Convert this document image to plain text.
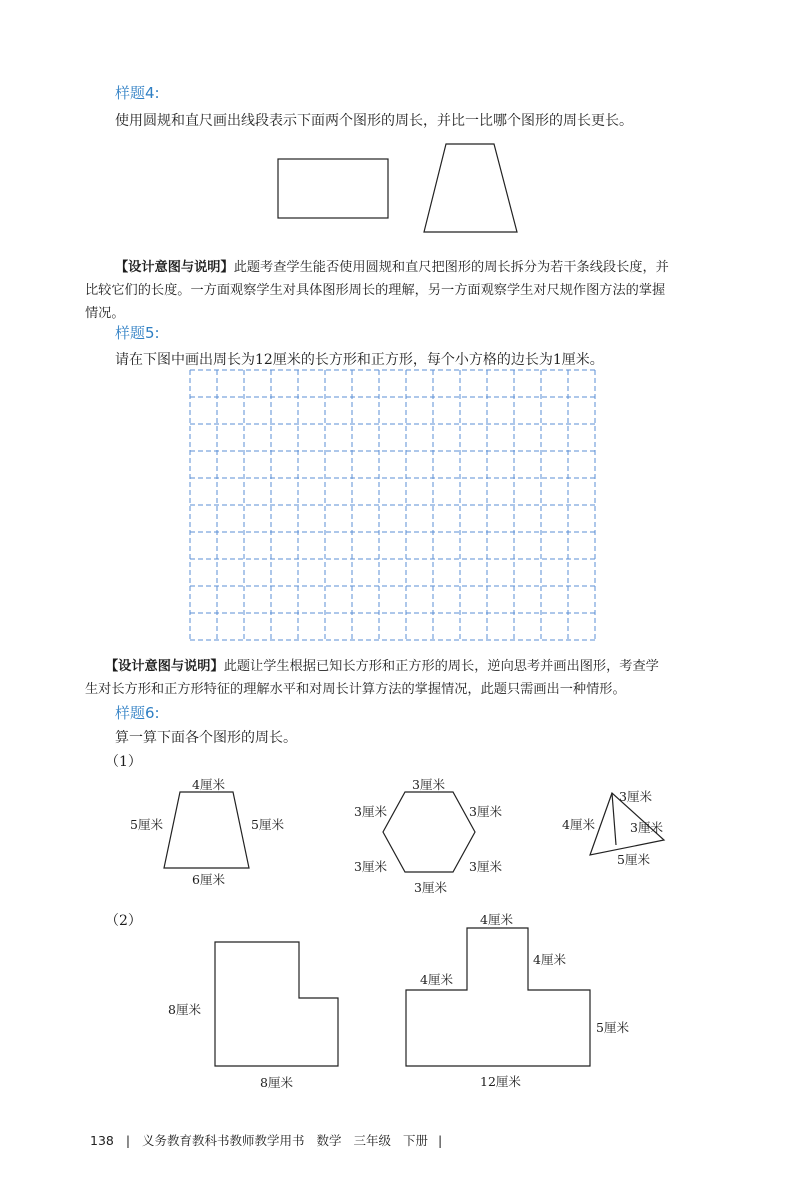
样题4:
使用圆规和直尺画出线段表示下面两个图形的周长，并比一比哪个图形的周长更长。
【设计意图与说明】此题考查学生能否使用圆规和直尺把图形的周长拆分为若干条线段长度，并
比较它们的长度。一方面观察学生对具体图形周长的理解，另一方面观察学生对尺规作图方法的掌握
情况。
样题5:
请在下图中画出周长为12厘米的长方形和正方形，每个小方格的边长为1厘米。
【设计意图与说明】此题让学生根据已知长方形和正方形的周长，逆向思考并画出图形，考查学
生对长方形和正方形特征的理解水平和对周长计算方法的掌握情况，此题只需画出一种情形。
样题6:
算一算下面各个图形的周长。
（1）
4厘米
5厘米	5厘米
6厘米
3厘米
3厘米	3厘米
3厘米	3厘米
3厘米
3厘米
4厘米	3厘米
5厘米
（2）
8厘米
8厘米
4厘米
4厘米
4厘米
5厘米
12厘米
138 | 义务教育教科书教师教学用书 数学 三年级 下册 |
